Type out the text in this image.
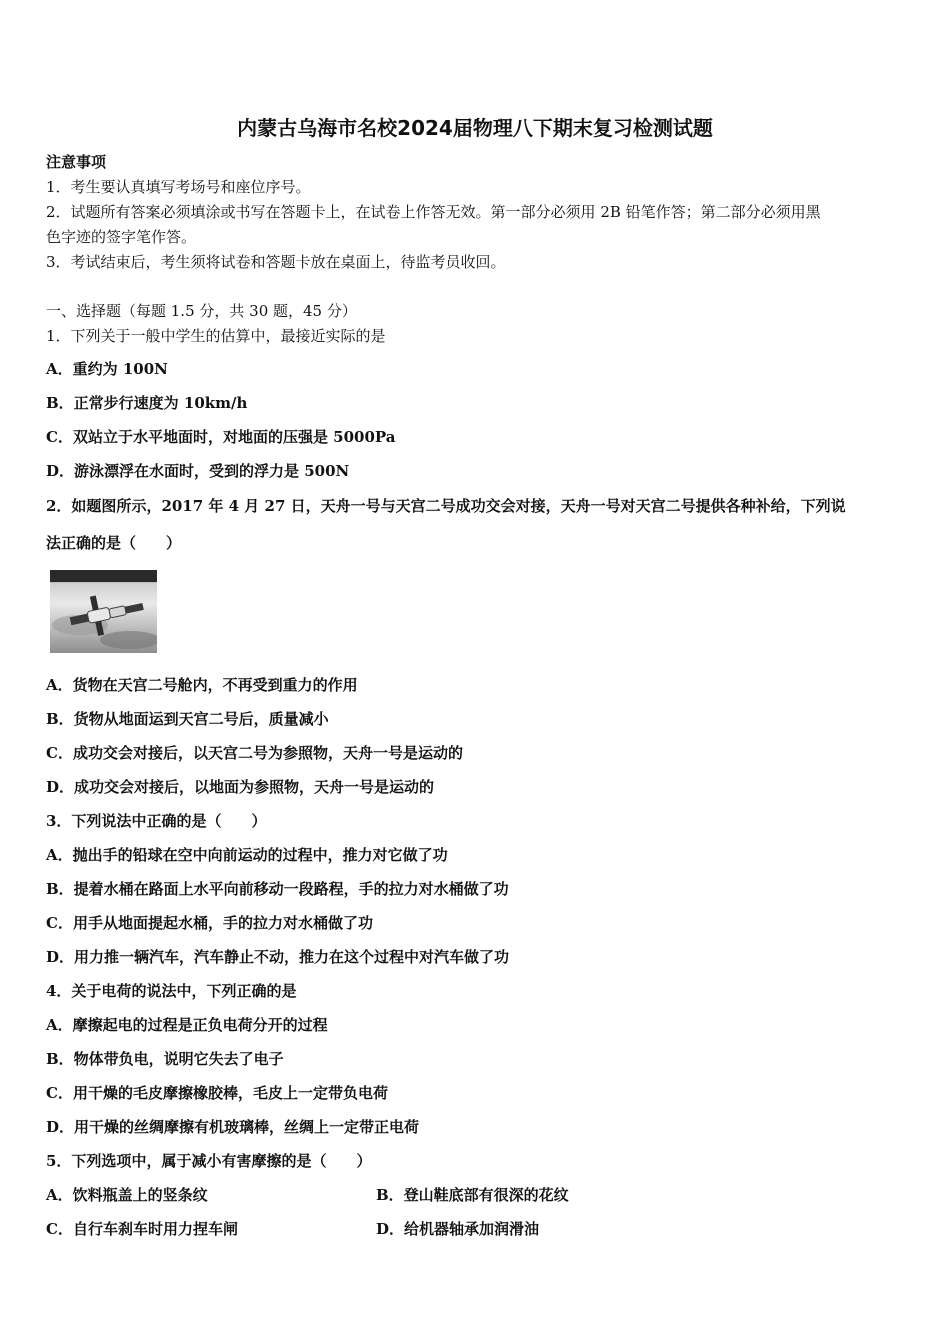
内蒙古乌海市名校2024届物理八下期末复习检测试题
注意事项
1．考生要认真填写考场号和座位序号。
2．试题所有答案必须填涂或书写在答题卡上，在试卷上作答无效。第一部分必须用 2B 铅笔作答；第二部分必须用黑
色字迹的签字笔作答。
3．考试结束后，考生须将试卷和答题卡放在桌面上，待监考员收回。
一、选择题（每题 1.5 分，共 30 题，45 分）
1．下列关于一般中学生的估算中，最接近实际的是
A．重约为 100N
B．正常步行速度为 10km/h
C．双站立于水平地面时，对地面的压强是 5000Pa
D．游泳漂浮在水面时，受到的浮力是 500N
2．如题图所示，2017 年 4 月 27 日，天舟一号与天宫二号成功交会对接，天舟一号对天宫二号提供各种补给，下列说
法正确的是（　　）
A．货物在天宫二号舱内，不再受到重力的作用
B．货物从地面运到天宫二号后，质量减小
C．成功交会对接后，以天宫二号为参照物，天舟一号是运动的
D．成功交会对接后，以地面为参照物，天舟一号是运动的
3．下列说法中正确的是（　　）
A．抛出手的铅球在空中向前运动的过程中，推力对它做了功
B．提着水桶在路面上水平向前移动一段路程，手的拉力对水桶做了功
C．用手从地面提起水桶，手的拉力对水桶做了功
D．用力推一辆汽车，汽车静止不动，推力在这个过程中对汽车做了功
4．关于电荷的说法中，下列正确的是
A．摩擦起电的过程是正负电荷分开的过程
B．物体带负电，说明它失去了电子
C．用干燥的毛皮摩擦橡胶棒，毛皮上一定带负电荷
D．用干燥的丝绸摩擦有机玻璃棒，丝绸上一定带正电荷
5．下列选项中，属于减小有害摩擦的是（　　）
A．饮料瓶盖上的竖条纹	B．登山鞋底部有很深的花纹
C．自行车刹车时用力捏车闸	D．给机器轴承加润滑油
